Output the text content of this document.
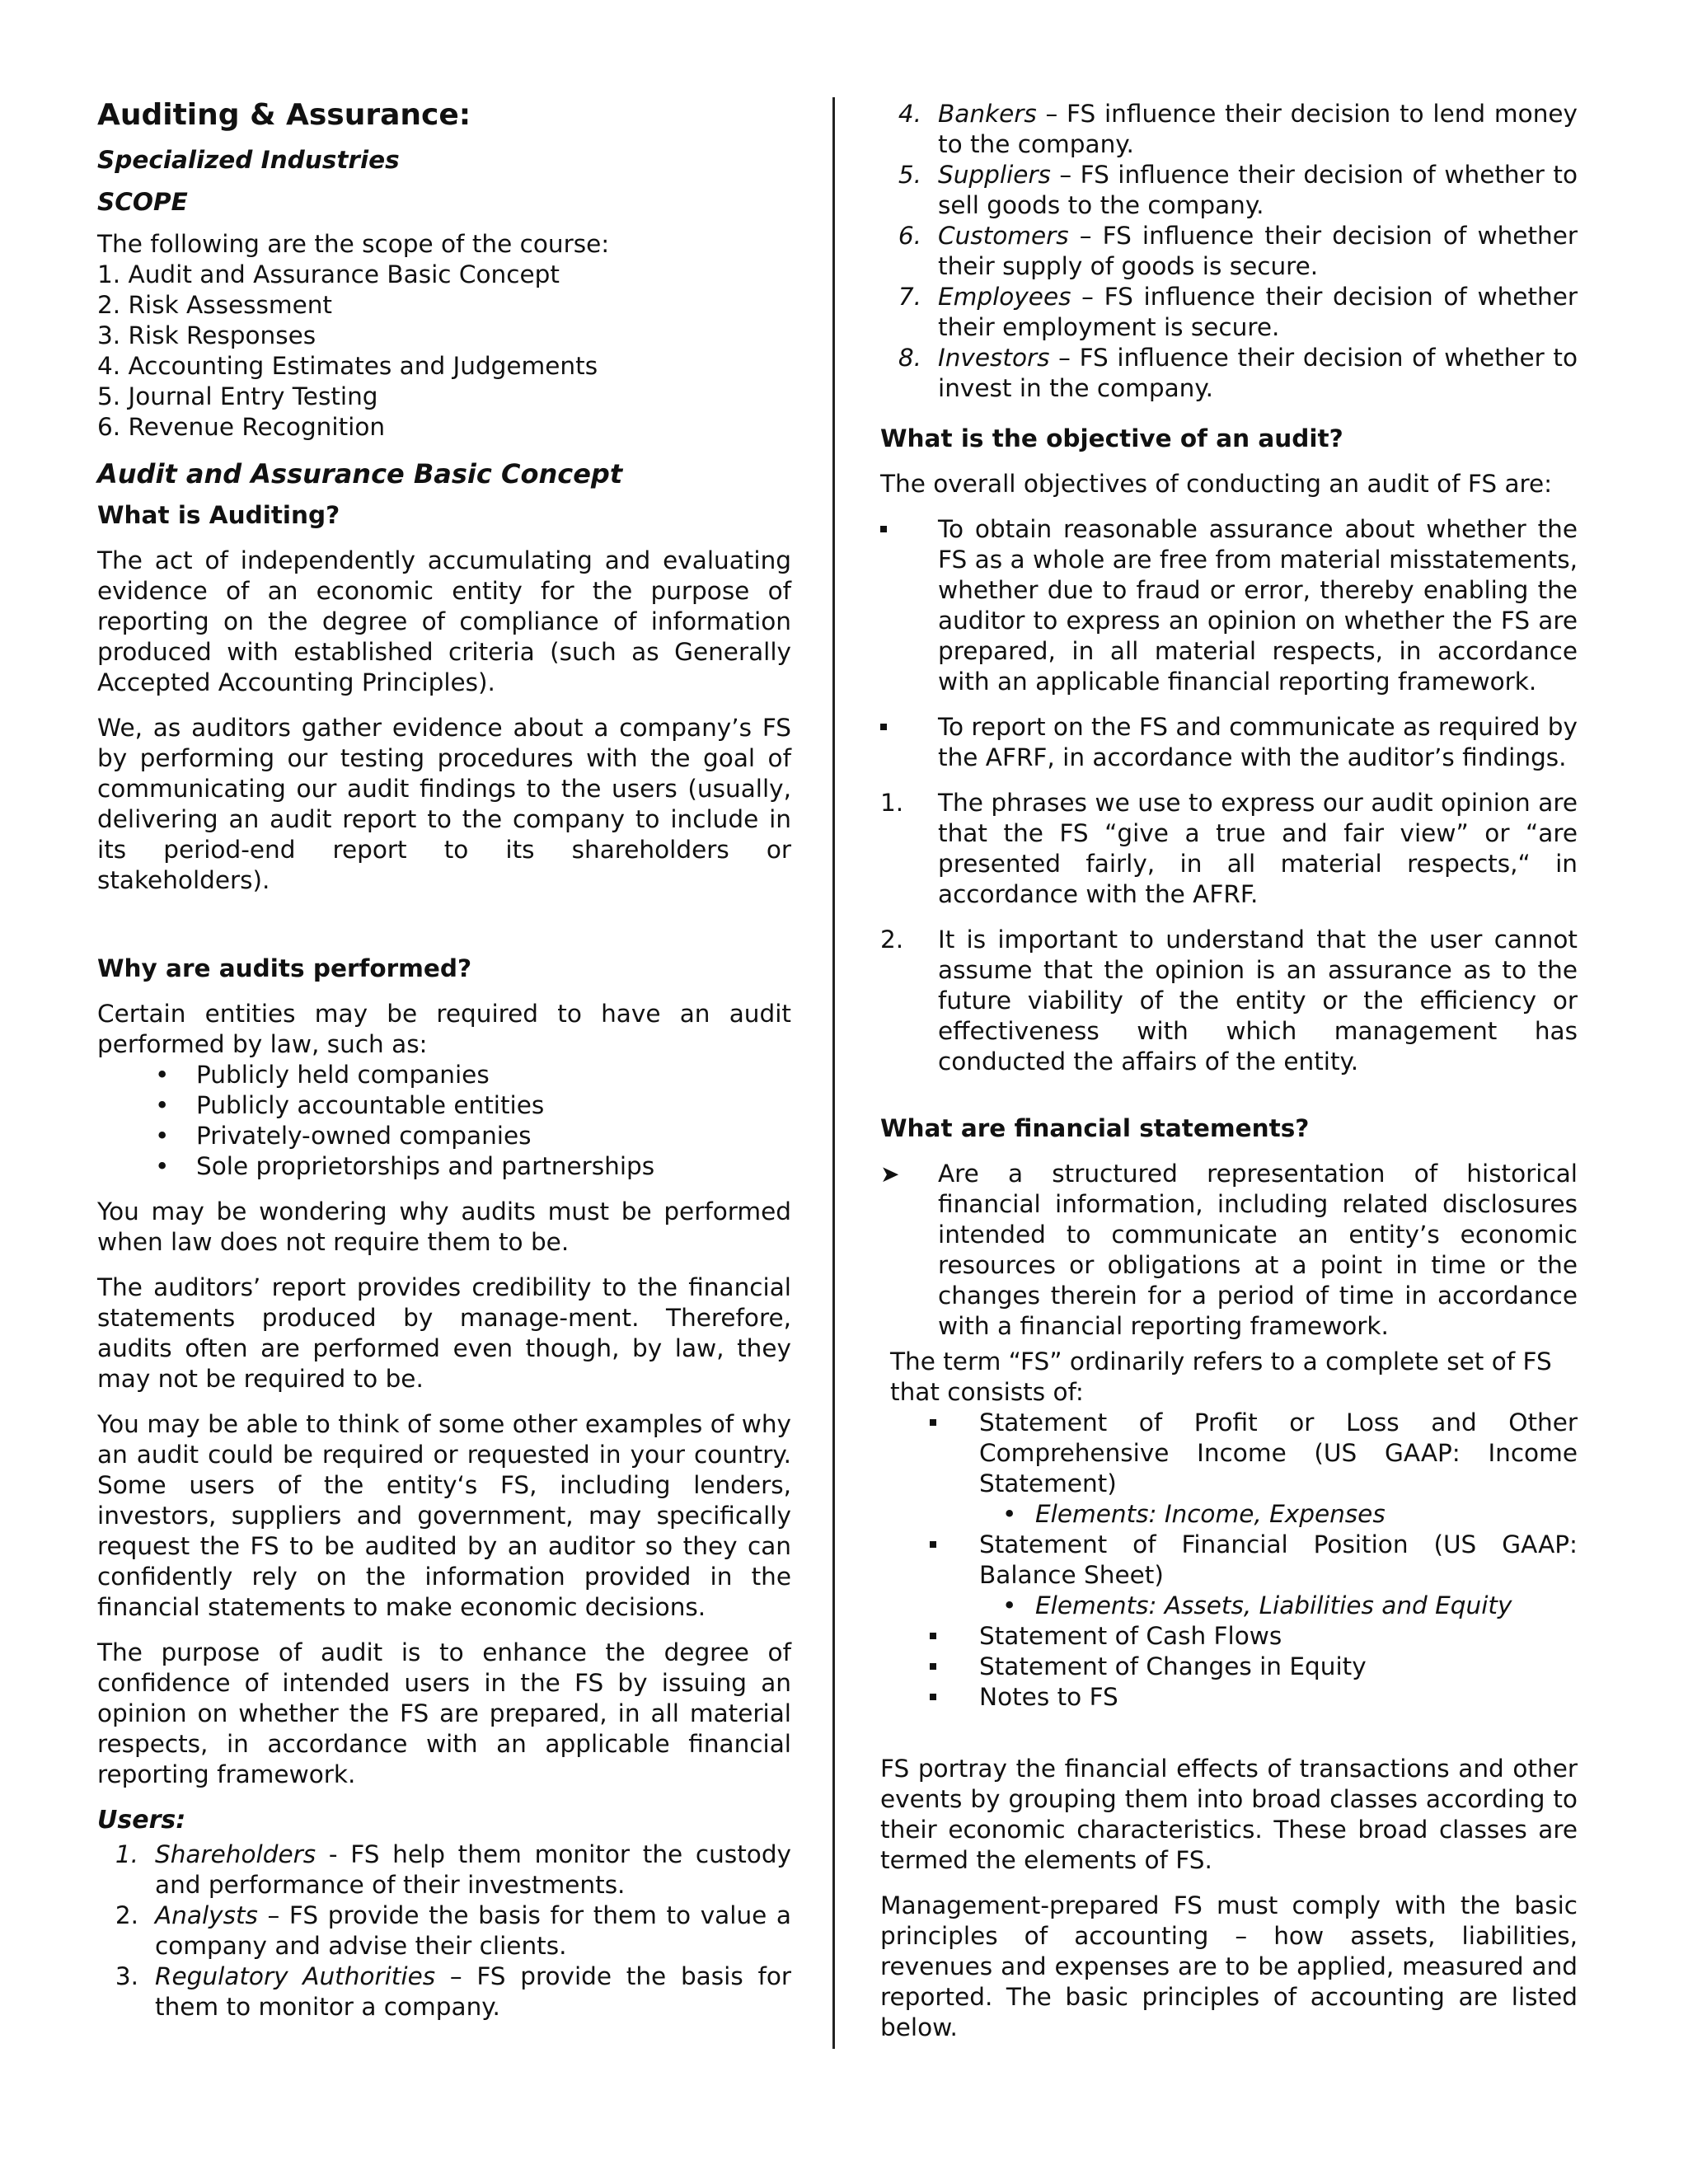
Auditing & Assurance:
Specialized Industries
SCOPE
The following are the scope of the course:
1. Audit and Assurance Basic Concept
2. Risk Assessment
3. Risk Responses
4. Accounting Estimates and Judgements
5. Journal Entry Testing
6. Revenue Recognition
Audit and Assurance Basic Concept
What is Auditing?

The act of independently accumulating and evaluating evidence of an economic entity for the purpose of reporting on the degree of compliance of information produced with established criteria (such as Generally Accepted Accounting Principles).

We, as auditors gather evidence about a company’s FS by performing our testing procedures with the goal of communicating our audit findings to the users (usually, delivering an audit report to the company to include in its period-end report to its shareholders or stakeholders).

Why are audits performed?
Certain entities may be required to have an audit performed by law, such as:
• Publicly held companies
• Publicly accountable entities
• Privately-owned companies
• Sole proprietorships and partnerships

You may be wondering why audits must be performed when law does not require them to be.

The auditors’ report provides credibility to the financial statements produced by manage-ment. Therefore, audits often are performed even though, by law, they may not be required to be.

You may be able to think of some other examples of why an audit could be required or requested in your country. Some users of the entity‘s FS, including lenders, investors, suppliers and government, may specifically request the FS to be audited by an auditor so they can confidently rely on the information provided in the financial statements to make economic decisions.

The purpose of audit is to enhance the degree of confidence of intended users in the FS by issuing an opinion on whether the FS are prepared, in all material respects, in accordance with an applicable financial reporting framework.

Users:
1. Shareholders - FS help them monitor the custody and performance of their investments.
2. Analysts – FS provide the basis for them to value a company and advise their clients.
3. Regulatory Authorities – FS provide the basis for them to monitor a company.
4. Bankers – FS influence their decision to lend money to the company.
5. Suppliers – FS influence their decision of whether to sell goods to the company.
6. Customers – FS influence their decision of whether their supply of goods is secure.
7. Employees – FS influence their decision of whether their employment is secure.
8. Investors – FS influence their decision of whether to invest in the company.
What is the objective of an audit?

The overall objectives of conducting an audit of FS are:

To obtain reasonable assurance about whether the FS as a whole are free from material misstatements, whether due to fraud or error, thereby enabling the auditor to express an opinion on whether the FS are prepared, in all material respects, in accordance with an applicable financial reporting framework.
To report on the FS and communicate as required by the AFRF, in accordance with the auditor’s findings.
1.	The phrases we use to express our audit opinion are that the FS “give a true and fair view” or “are presented fairly, in all material respects,“ in accordance with the AFRF.
2.	It is important to understand that the user cannot assume that the opinion is an assurance as to the future viability of the entity or the efficiency or effectiveness with which management has conducted the affairs of the entity.
What are financial statements?
➤	Are a structured representation of historical financial information, including related disclosures intended to communicate an entity’s economic resources or obligations at a point in time or the changes therein for a period of time in accordance with a financial reporting framework.
The term “FS” ordinarily refers to a complete set of FS that consists of:
Statement of Profit or Loss and Other Comprehensive Income (US GAAP: Income Statement)
• Elements: Income, Expenses
Statement of Financial Position (US GAAP: Balance Sheet)
• Elements: Assets, Liabilities and Equity
Statement of Cash Flows
Statement of Changes in Equity
Notes to FS

FS portray the financial effects of transactions and other events by grouping them into broad classes according to their economic characteristics. These broad classes are termed the elements of FS.

Management-prepared FS must comply with the basic principles of accounting – how assets, liabilities, revenues and expenses are to be applied, measured and reported. The basic principles of accounting are listed below.
